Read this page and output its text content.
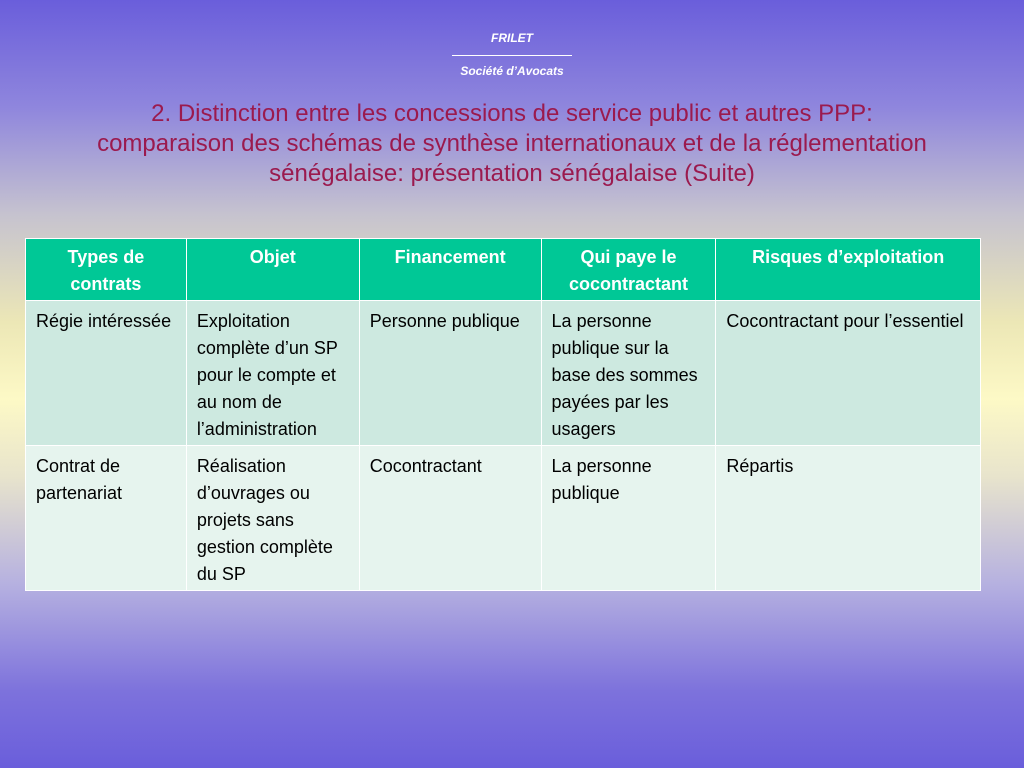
FRILET
Société d’Avocats
2. Distinction entre les concessions de service public et autres PPP: comparaison des schémas de synthèse internationaux et de la réglementation sénégalaise: présentation sénégalaise (Suite)
Types de contrats	Objet	Financement	Qui paye le cocontractant	Risques d’exploitation
Régie intéressée	Exploitation complète d’un SP pour le compte et au nom de l’administration	Personne publique	La personne publique sur la base des sommes payées par les usagers	Cocontractant pour l’essentiel
Contrat de partenariat	Réalisation d’ouvrages ou projets sans gestion complète du SP	Cocontractant	La personne publique	Répartis
